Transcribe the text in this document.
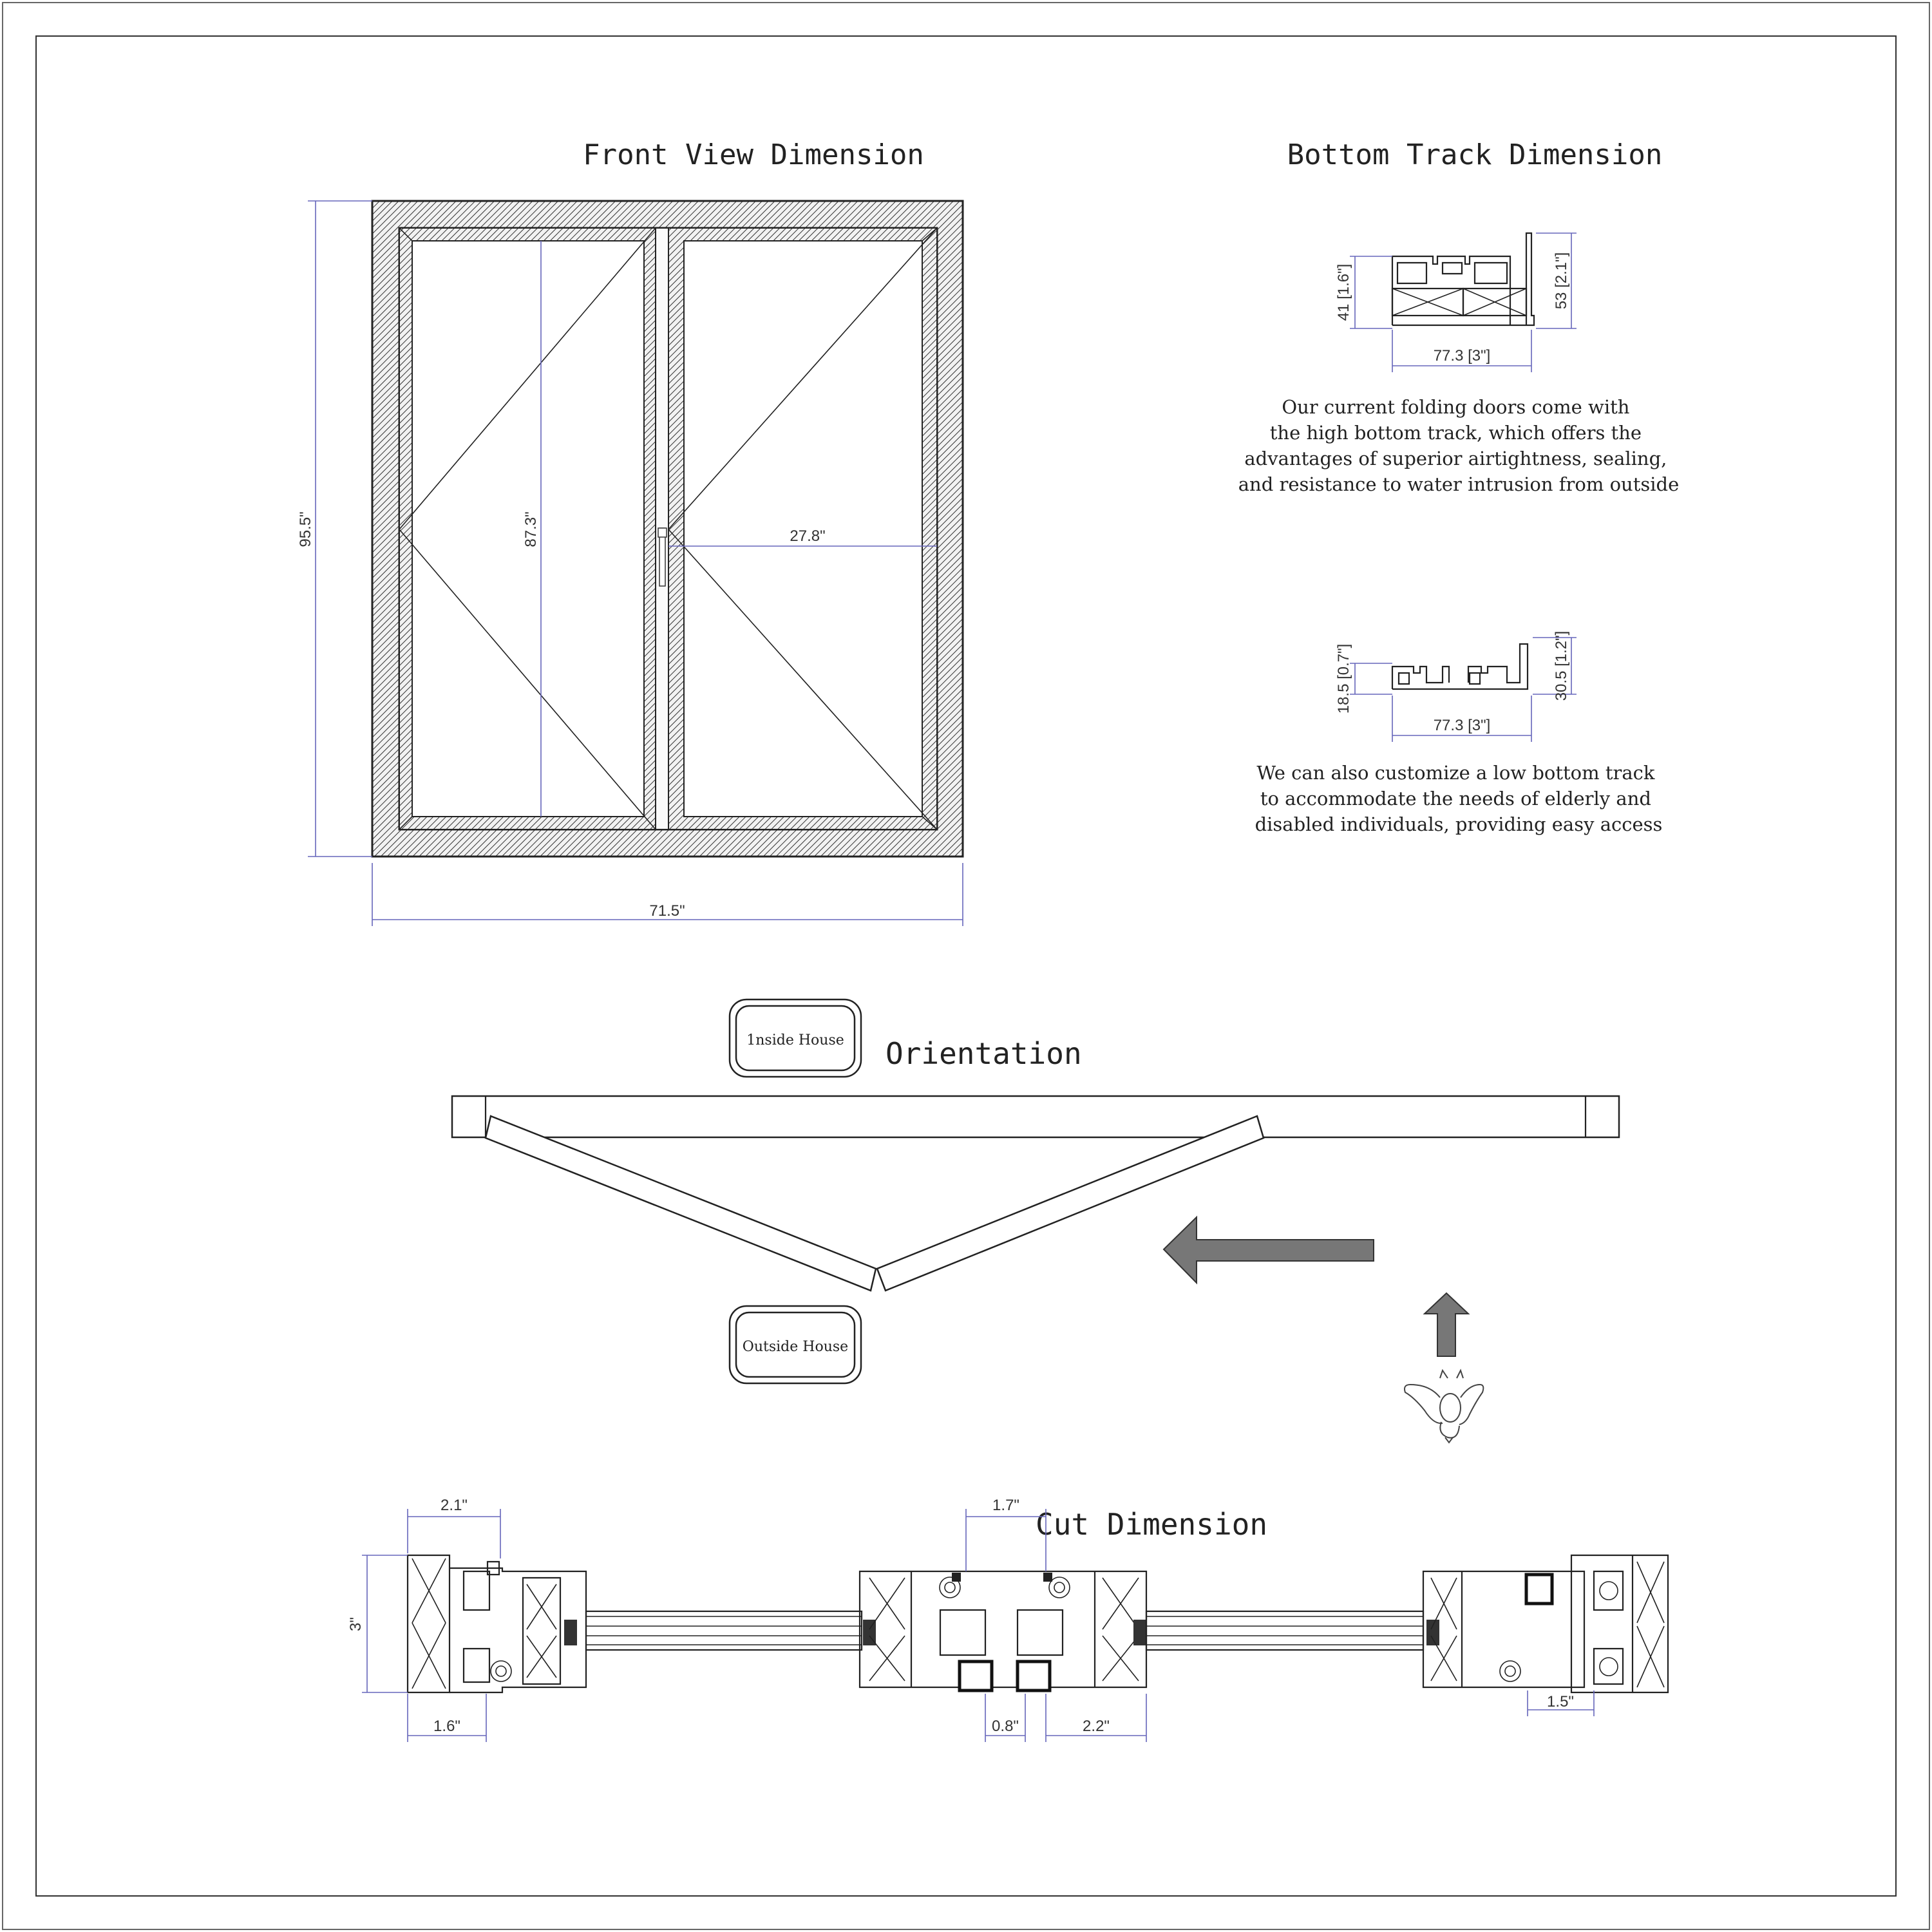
Front View Dimension
95.5"	87.3"	27.8"
71.5"
Bottom Track Dimension
41 [1.6"]	53 [2.1"]
77.3 [3"]
Our current folding doors come with the high bottom track, which offers the advantages of superior airtightness, sealing, and resistance to water intrusion from outside
18.5 [0.7"]	30.5 [1.2"]
77.3 [3"]
We can also customize a low bottom track to accommodate the needs of elderly and disabled individuals, providing easy access
Orientation
1nside House
Outside House
Cut Dimension
2.1"
3"
1.6"
1.7"
0.8"	2.2"
1.5"
